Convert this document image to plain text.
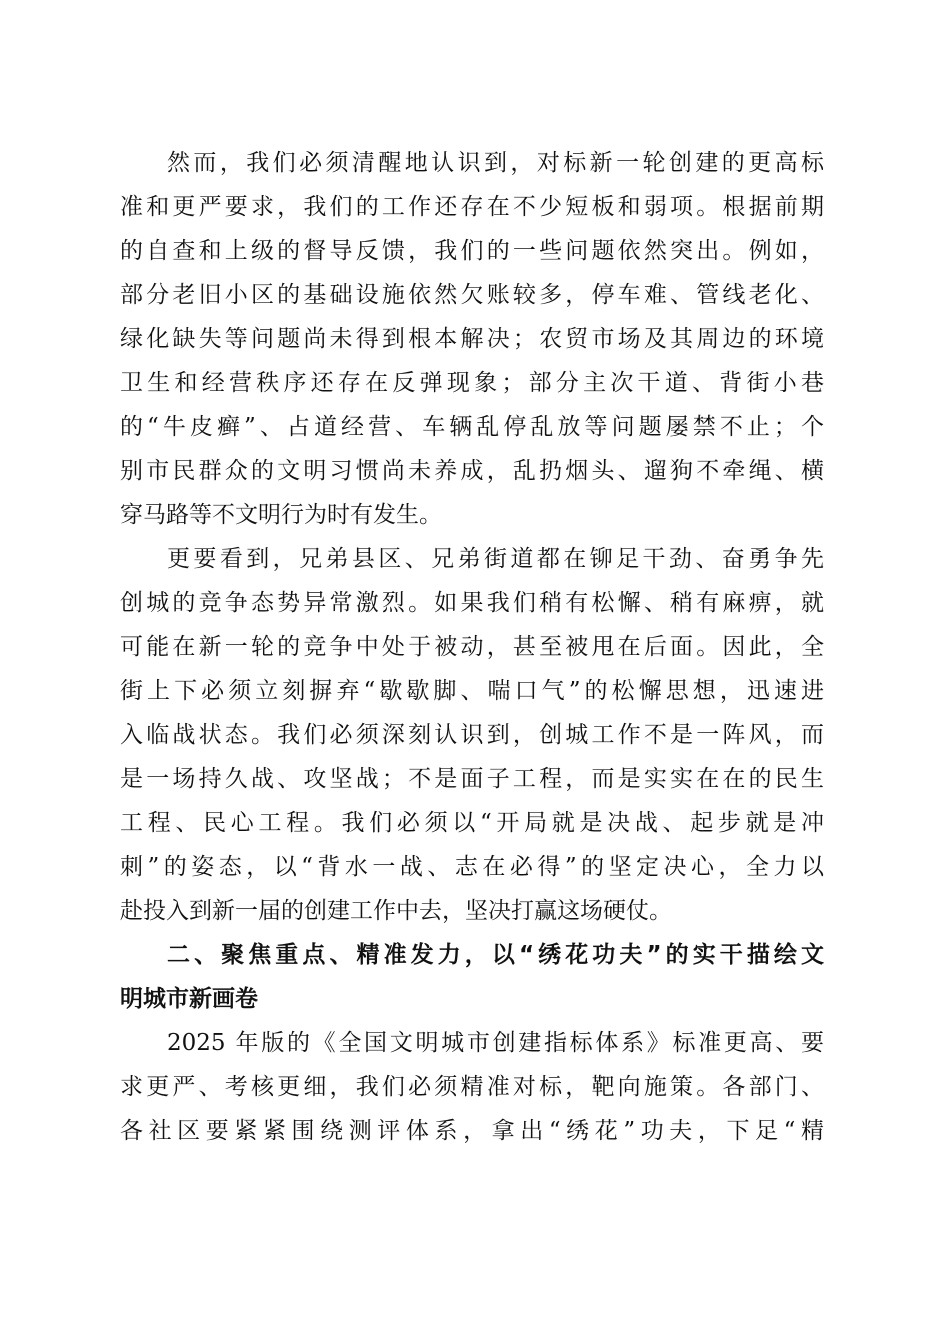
然而，我们必须清醒地认识到，对标新一轮创建的更高标
准和更严要求，我们的工作还存在不少短板和弱项。根据前期
的自查和上级的督导反馈，我们的一些问题依然突出。例如，
部分老旧小区的基础设施依然欠账较多，停车难、管线老化、
绿化缺失等问题尚未得到根本解决；农贸市场及其周边的环境
卫生和经营秩序还存在反弹现象；部分主次干道、背街小巷
的“牛皮癣”、占道经营、车辆乱停乱放等问题屡禁不止；个
别市民群众的文明习惯尚未养成，乱扔烟头、遛狗不牵绳、横
穿马路等不文明行为时有发生。
更要看到，兄弟县区、兄弟街道都在铆足干劲、奋勇争先
创城的竞争态势异常激烈。如果我们稍有松懈、稍有麻痹，就
可能在新一轮的竞争中处于被动，甚至被甩在后面。因此，全
街上下必须立刻摒弃“歇歇脚、喘口气”的松懈思想，迅速进
入临战状态。我们必须深刻认识到，创城工作不是一阵风，而
是一场持久战、攻坚战；不是面子工程，而是实实在在的民生
工程、民心工程。我们必须以“开局就是决战、起步就是冲
刺”的姿态，以“背水一战、志在必得”的坚定决心，全力以
赴投入到新一届的创建工作中去，坚决打赢这场硬仗。
二、聚焦重点、精准发力，以“绣花功夫”的实干描绘文
明城市新画卷
2025 年版的《全国文明城市创建指标体系》标准更高、要
求更严、考核更细，我们必须精准对标，靶向施策。各部门、
各社区要紧紧围绕测评体系，拿出“绣花”功夫，下足“精
